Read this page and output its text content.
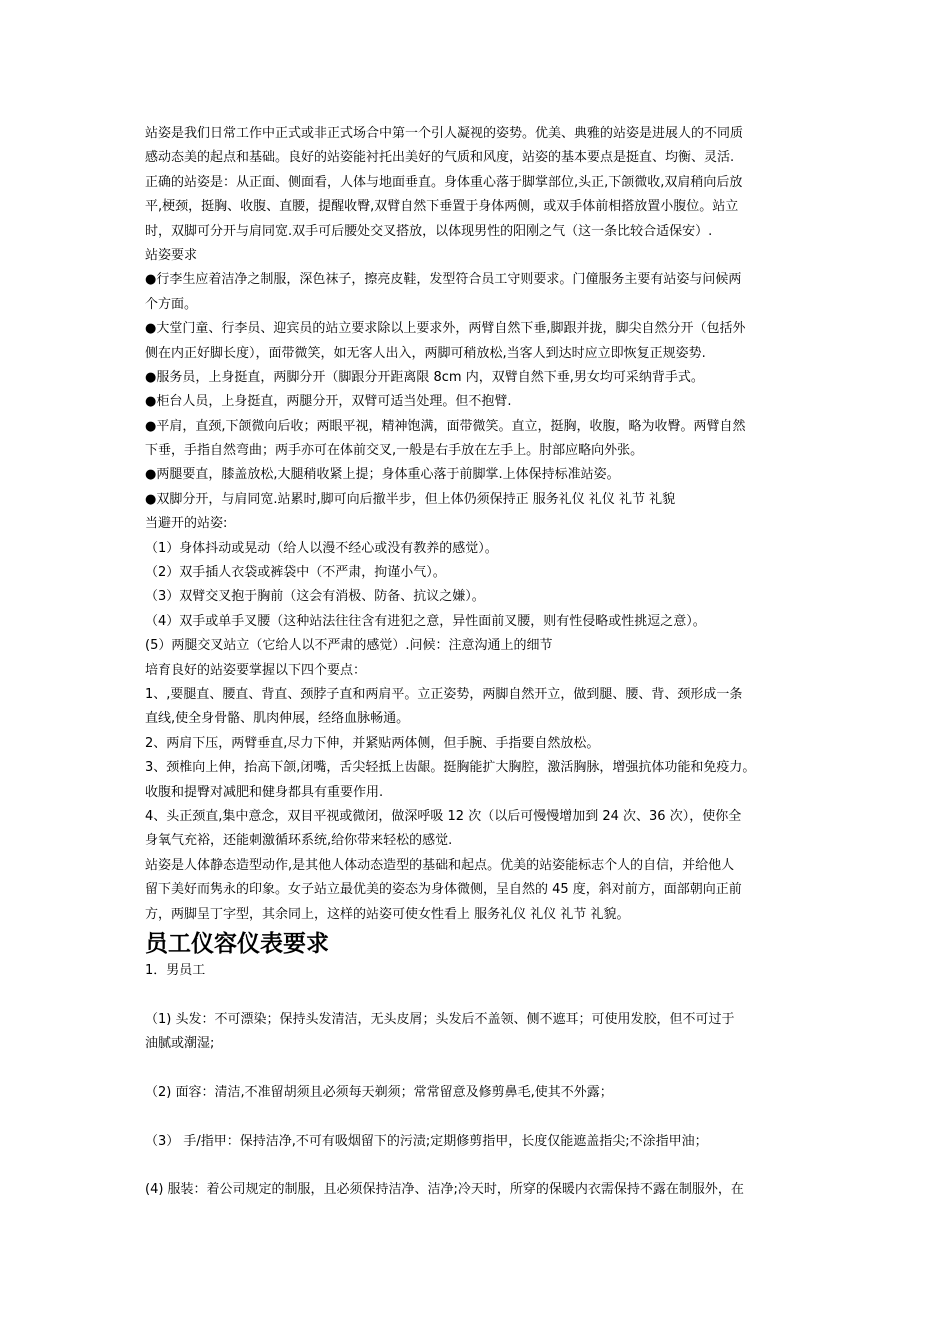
站姿是我们日常工作中正式或非正式场合中第一个引人凝视的姿势。优美、典雅的站姿是进展人的不同质
感动态美的起点和基础。良好的站姿能衬托出美好的气质和风度，站姿的基本要点是挺直、均衡、灵活.
正确的站姿是：从正面、侧面看，人体与地面垂直。身体重心落于脚掌部位,头正,下颌微收,双肩稍向后放
平,梗颈，挺胸、收腹、直腰，提醒收臀,双臂自然下垂置于身体两侧，或双手体前相搭放置小腹位。站立
时，双脚可分开与肩同宽.双手可后腰处交叉搭放，以体现男性的阳刚之气（这一条比较合适保安）.
站姿要求
●行李生应着洁净之制服，深色袜子，擦亮皮鞋，发型符合员工守则要求。门僮服务主要有站姿与问候两
个方面。
●大堂门童、行李员、迎宾员的站立要求除以上要求外，两臂自然下垂,脚跟并拢，脚尖自然分开（包括外
侧在内正好脚长度），面带微笑，如无客人出入，两脚可稍放松,当客人到达时应立即恢复正规姿势.
●服务员，上身挺直，两脚分开（脚跟分开距离限 8cm 内，双臂自然下垂,男女均可采纳背手式。
●柜台人员，上身挺直，两腿分开，双臂可适当处理。但不抱臂.
●平肩，直颈,下颌微向后收；两眼平视，精神饱满，面带微笑。直立，挺胸，收腹，略为收臀。两臂自然
下垂，手指自然弯曲；两手亦可在体前交叉,一般是右手放在左手上。肘部应略向外张。
●两腿要直，膝盖放松,大腿稍收紧上提；身体重心落于前脚掌.上体保持标准站姿。
●双脚分开，与肩同宽.站累时,脚可向后撤半步，但上体仍须保持正 服务礼仪 礼仪 礼节 礼貌
当避开的站姿:
（1）身体抖动或晃动（给人以漫不经心或没有教养的感觉）。
（2）双手插人衣袋或裤袋中（不严肃，拘谨小气）。
（3）双臂交叉抱于胸前（这会有消极、防备、抗议之嫌）。
（4）双手或单手叉腰（这种站法往往含有进犯之意，异性面前叉腰，则有性侵略或性挑逗之意）。
(5）两腿交叉站立（它给人以不严肃的感觉）.问候：注意沟通上的细节
培育良好的站姿要掌握以下四个要点：
1、,要腿直、腰直、背直、颈脖子直和两肩平。立正姿势，两脚自然开立，做到腿、腰、背、颈形成一条
直线,使全身骨骼、肌肉伸展，经络血脉畅通。
2、两肩下压，两臂垂直,尽力下伸，并紧贴两体侧，但手腕、手指要自然放松。
3、颈椎向上伸，抬高下颌,闭嘴，舌尖轻抵上齿龈。挺胸能扩大胸腔，激活胸脉，增强抗体功能和免疫力。
收腹和提臀对减肥和健身都具有重要作用.
4、头正颈直,集中意念，双目平视或微闭，做深呼吸 12 次（以后可慢慢增加到 24 次、36 次），使你全
身氧气充裕，还能刺激循环系统,给你带来轻松的感觉.
站姿是人体静态造型动作,是其他人体动态造型的基础和起点。优美的站姿能标志个人的自信，并给他人
留下美好而隽永的印象。女子站立最优美的姿态为身体微侧，呈自然的 45 度，斜对前方，面部朝向正前
方，两脚呈丁字型，其余同上，这样的站姿可使女性看上 服务礼仪 礼仪 礼节 礼貌。
员工仪容仪表要求
1．男员工
（1) 头发：不可漂染；保持头发清洁，无头皮屑；头发后不盖领、侧不遮耳；可使用发胶，但不可过于
油腻或潮湿;
（2) 面容：清洁,不准留胡须且必须每天剃须；常常留意及修剪鼻毛,使其不外露；
（3） 手/指甲：保持洁净,不可有吸烟留下的污渍;定期修剪指甲，长度仅能遮盖指尖;不涂指甲油；
(4) 服装：着公司规定的制服，且必须保持洁净、洁净;冷天时，所穿的保暖内衣需保持不露在制服外，在
